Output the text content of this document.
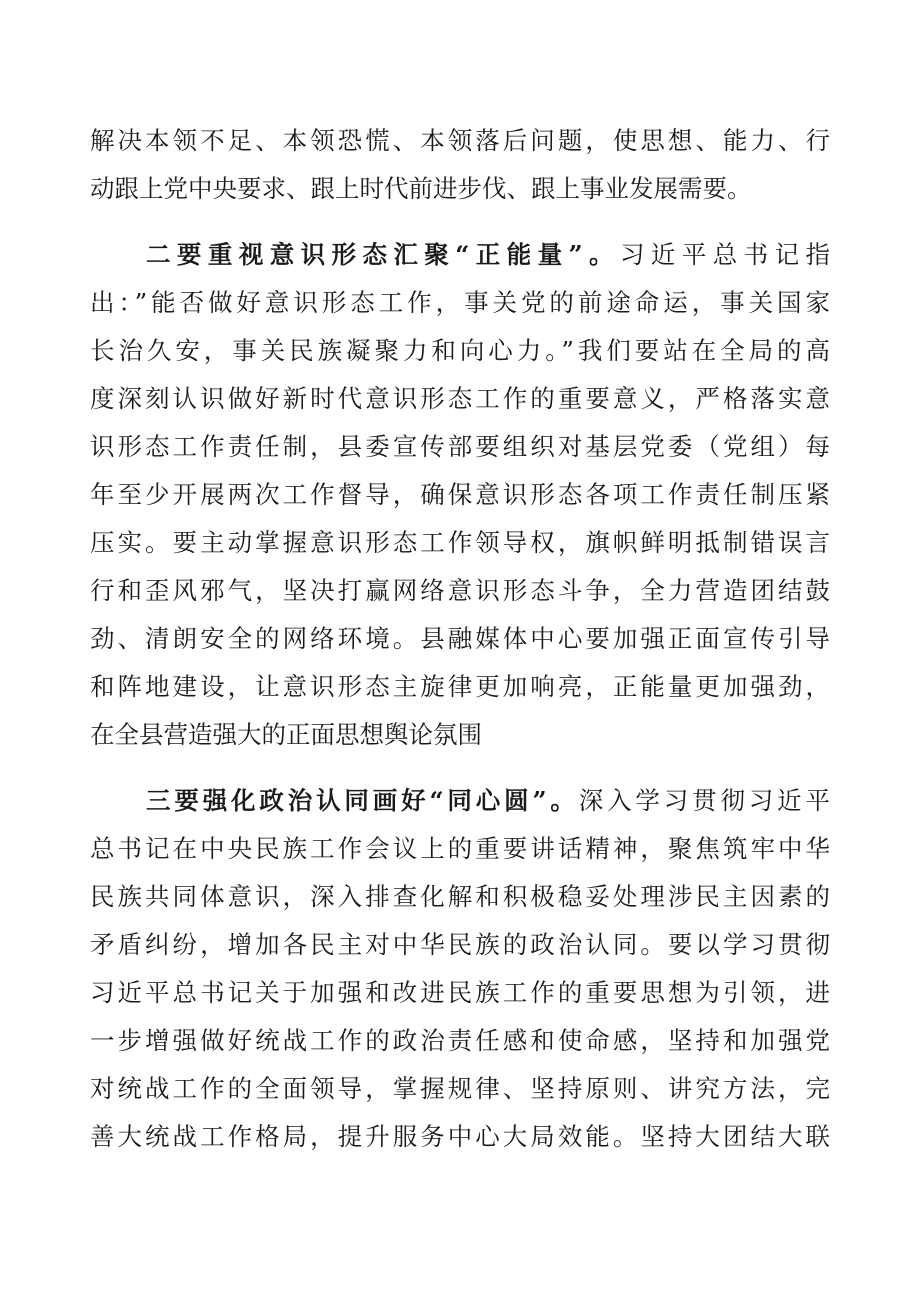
解决本领不足、本领恐慌、本领落后问题，使思想、能力、行
动跟上党中央要求、跟上时代前进步伐、跟上事业发展需要。
二要重视意识形态汇聚“正能量”。习近平总书记指
出：”能否做好意识形态工作，事关党的前途命运，事关国家
长治久安，事关民族凝聚力和向心力。”我们要站在全局的高
度深刻认识做好新时代意识形态工作的重要意义，严格落实意
识形态工作责任制，县委宣传部要组织对基层党委（党组）每
年至少开展两次工作督导，确保意识形态各项工作责任制压紧
压实。要主动掌握意识形态工作领导权，旗帜鲜明抵制错误言
行和歪风邪气，坚决打赢网络意识形态斗争，全力营造团结鼓
劲、清朗安全的网络环境。县融媒体中心要加强正面宣传引导
和阵地建设，让意识形态主旋律更加响亮，正能量更加强劲，
在全县营造强大的正面思想舆论氛围
三要强化政治认同画好“同心圆”。深入学习贯彻习近平
总书记在中央民族工作会议上的重要讲话精神，聚焦筑牢中华
民族共同体意识，深入排查化解和积极稳妥处理涉民主因素的
矛盾纠纷，增加各民主对中华民族的政治认同。要以学习贯彻
习近平总书记关于加强和改进民族工作的重要思想为引领，进
一步增强做好统战工作的政治责任感和使命感，坚持和加强党
对统战工作的全面领导，掌握规律、坚持原则、讲究方法，完
善大统战工作格局，提升服务中心大局效能。坚持大团结大联
